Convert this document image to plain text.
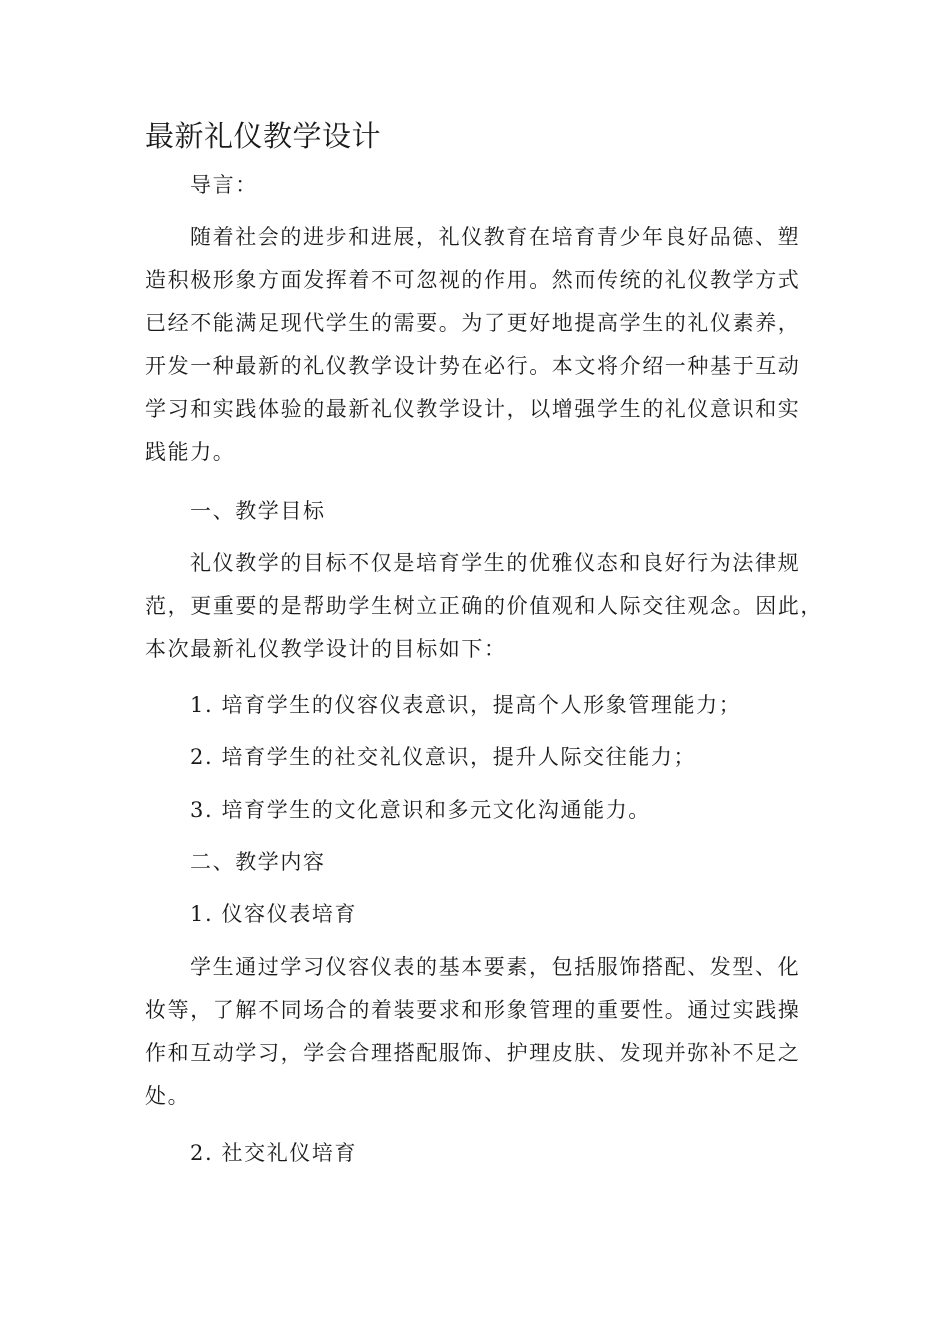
最新礼仪教学设计
导言：
随着社会的进步和进展，礼仪教育在培育青少年良好品德、塑
造积极形象方面发挥着不可忽视的作用。然而传统的礼仪教学方式
已经不能满足现代学生的需要。为了更好地提高学生的礼仪素养，
开发一种最新的礼仪教学设计势在必行。本文将介绍一种基于互动
学习和实践体验的最新礼仪教学设计，以增强学生的礼仪意识和实
践能力。
一、教学目标
礼仪教学的目标不仅是培育学生的优雅仪态和良好行为法律规
范，更重要的是帮助学生树立正确的价值观和人际交往观念。因此，
本次最新礼仪教学设计的目标如下：
1. 培育学生的仪容仪表意识，提高个人形象管理能力；
2. 培育学生的社交礼仪意识，提升人际交往能力；
3. 培育学生的文化意识和多元文化沟通能力。
二、教学内容
1. 仪容仪表培育
学生通过学习仪容仪表的基本要素，包括服饰搭配、发型、化
妆等，了解不同场合的着装要求和形象管理的重要性。通过实践操
作和互动学习，学会合理搭配服饰、护理皮肤、发现并弥补不足之
处。
2. 社交礼仪培育
